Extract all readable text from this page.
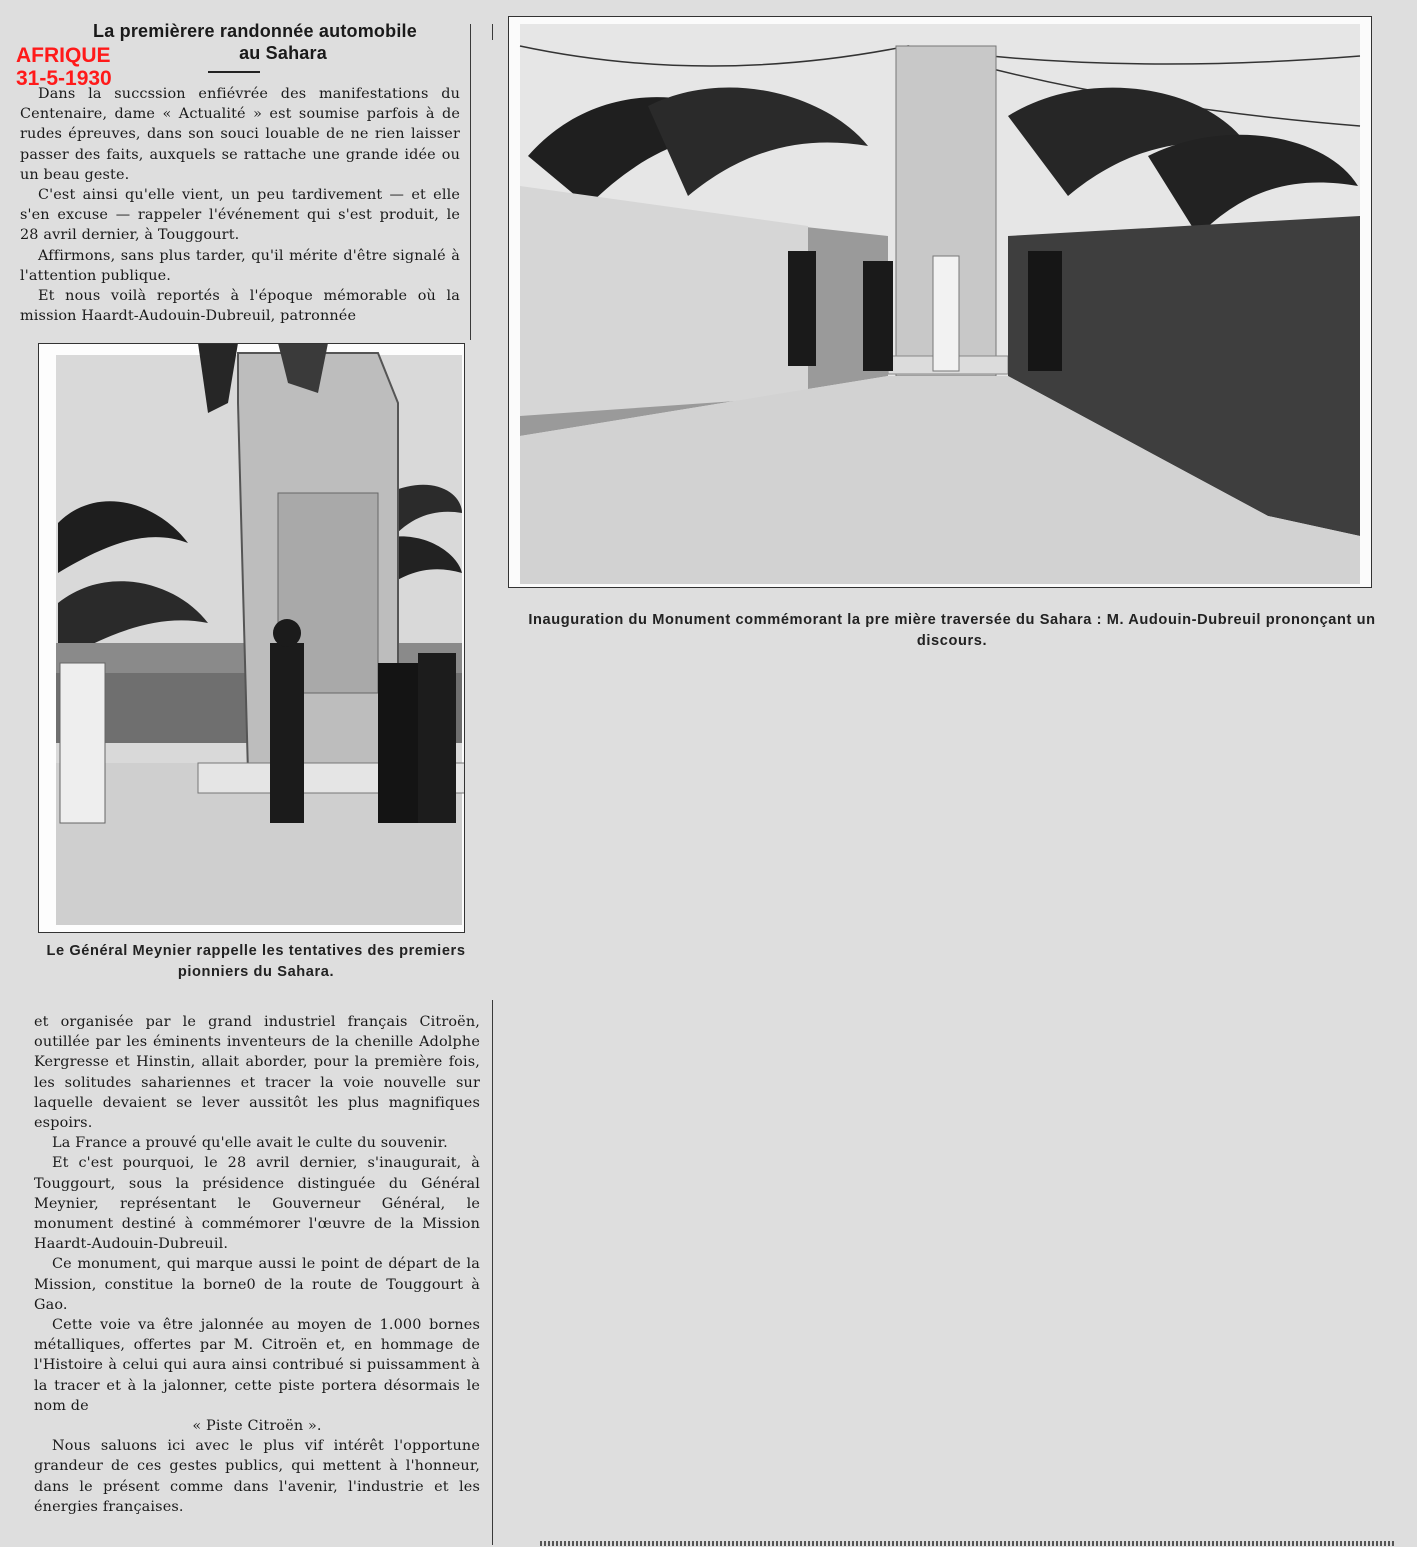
AFRIQUE
31-5-1930
La premièrere randonnée automobile
au Sahara

Dans la succssion enfiévrée des manifestations du Centenaire, dame « Actualité » est soumise parfois à de rudes épreuves, dans son souci louable de ne rien laisser passer des faits, auxquels se rattache une grande idée ou un beau geste.

C'est ainsi qu'elle vient, un peu tardivement — et elle s'en excuse — rappeler l'événement qui s'est produit, le 28 avril dernier, à Touggourt.

Affirmons, sans plus tarder, qu'il mérite d'être signalé à l'attention publique.

Et nous voilà reportés à l'époque mémorable où la mission Haardt-Audouin-Dubreuil, patronnée

Le Général Meynier rappelle les tentatives des premiers pionniers du Sahara.

et organisée par le grand industriel français Citroën, outillée par les éminents inventeurs de la chenille Adolphe Kergresse et Hinstin, allait aborder, pour la première fois, les solitudes sahariennes et tracer la voie nouvelle sur laquelle devaient se lever aussitôt les plus magnifiques espoirs.

La France a prouvé qu'elle avait le culte du souvenir.

Et c'est pourquoi, le 28 avril dernier, s'inaugurait, à Touggourt, sous la présidence distinguée du Général Meynier, représentant le Gouverneur Général, le monument destiné à commémorer l'œuvre de la Mission Haardt-Audouin-Dubreuil.

Ce monument, qui marque aussi le point de départ de la Mission, constitue la borne0 de la route de Touggourt à Gao.

Cette voie va être jalonnée au moyen de 1.000 bornes métalliques, offertes par M. Citroën et, en hommage de l'Histoire à celui qui aura ainsi contribué si puissamment à la tracer et à la jalonner, cette piste portera désormais le nom de

« Piste Citroën ».

Nous saluons ici avec le plus vif intérêt l'opportune grandeur de ces gestes publics, qui mettent à l'honneur, dans le présent comme dans l'avenir, l'industrie et les énergies françaises.

Inauguration du Monument commémorant la pre mière traversée du Sahara : M. Audouin-Dubreuil prononçant un discours.
